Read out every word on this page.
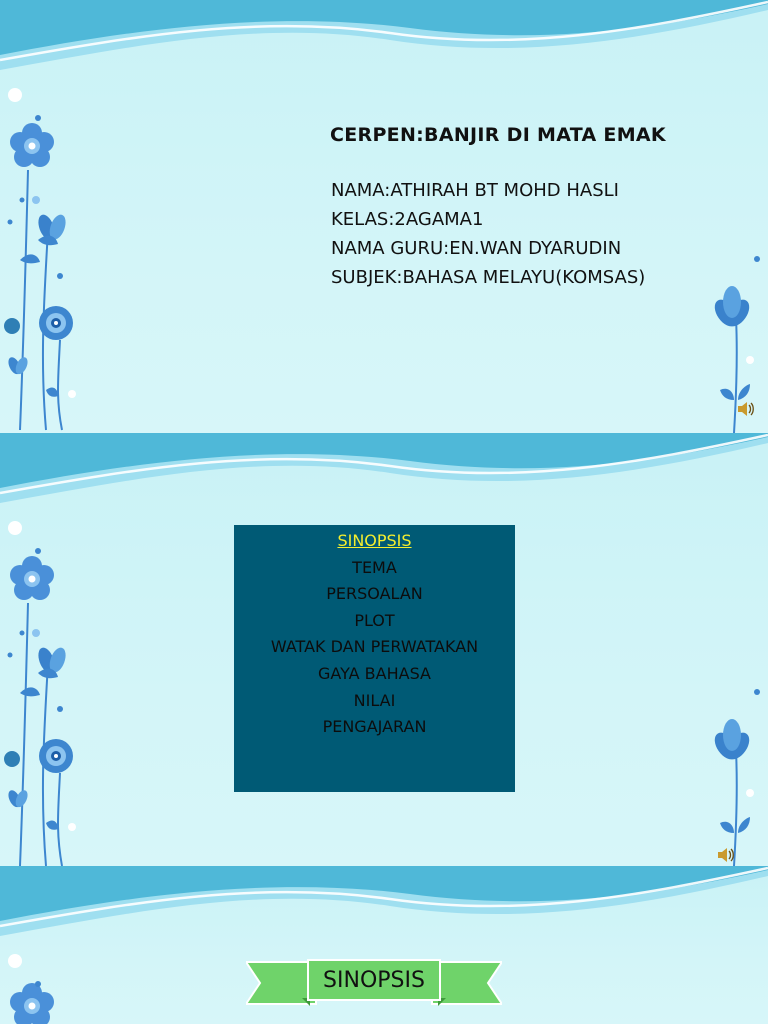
CERPEN:BANJIR DI MATA EMAK
NAMA:ATHIRAH BT MOHD HASLI
KELAS:2AGAMA1
NAMA GURU:EN.WAN DYARUDIN
SUBJEK:BAHASA MELAYU(KOMSAS)
SINOPSIS
TEMA
PERSOALAN
PLOT
WATAK DAN PERWATAKAN
GAYA BAHASA
NILAI
PENGAJARAN
SINOPSIS
